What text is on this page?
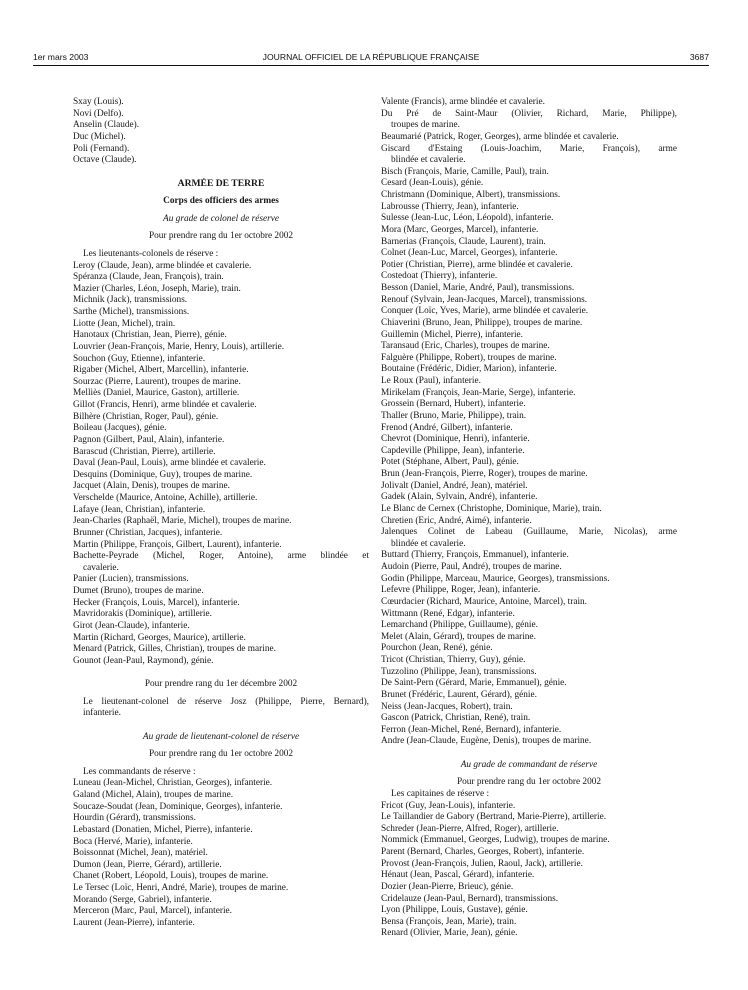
1er mars 2003	JOURNAL OFFICIEL DE LA RÉPUBLIQUE FRANÇAISE	3687
Sxay (Louis).
Novi (Delfo).
Anselin (Claude).
Duc (Michel).
Poli (Fernand).
Octave (Claude).
ARMÉE DE TERRE
Corps des officiers des armes
Au grade de colonel de réserve
Pour prendre rang du 1er octobre 2002
Les lieutenants-colonels de réserve :
Leroy (Claude, Jean), arme blindée et cavalerie.
Spéranza (Claude, Jean, François), train.
Mazier (Charles, Léon, Joseph, Marie), train.
Michnik (Jack), transmissions.
Sarthe (Michel), transmissions.
Liotte (Jean, Michel), train.
Hanotaux (Christian, Jean, Pierre), génie.
Louvrier (Jean-François, Marie, Henry, Louis), artillerie.
Souchon (Guy, Etienne), infanterie.
Rigaber (Michel, Albert, Marcellin), infanterie.
Sourzac (Pierre, Laurent), troupes de marine.
Melliès (Daniel, Maurice, Gaston), artillerie.
Gillot (Francis, Henri), arme blindée et cavalerie.
Bilhère (Christian, Roger, Paul), génie.
Boileau (Jacques), génie.
Pagnon (Gilbert, Paul, Alain), infanterie.
Barascud (Christian, Pierre), artillerie.
Daval (Jean-Paul, Louis), arme blindée et cavalerie.
Desquins (Dominique, Guy), troupes de marine.
Jacquet (Alain, Denis), troupes de marine.
Verschelde (Maurice, Antoine, Achille), artillerie.
Lafaye (Jean, Christian), infanterie.
Jean-Charles (Raphaël, Marie, Michel), troupes de marine.
Brunner (Christian, Jacques), infanterie.
Martin (Philippe, François, Gilbert, Laurent), infanterie.
Bachette-Peyrade (Michel, Roger, Antoine), arme blindée et
cavalerie.
Panier (Lucien), transmissions.
Dumet (Bruno), troupes de marine.
Hecker (François, Louis, Marcel), infanterie.
Mavridorakis (Dominique), artillerie.
Girot (Jean-Claude), infanterie.
Martin (Richard, Georges, Maurice), artillerie.
Menard (Patrick, Gilles, Christian), troupes de marine.
Gounot (Jean-Paul, Raymond), génie.
Pour prendre rang du 1er décembre 2002
Le lieutenant-colonel de réserve Josz (Philippe, Pierre, Bernard),
infanterie.
Au grade de lieutenant-colonel de réserve
Pour prendre rang du 1er octobre 2002
Les commandants de réserve :
Luneau (Jean-Michel, Christian, Georges), infanterie.
Galand (Michel, Alain), troupes de marine.
Soucaze-Soudat (Jean, Dominique, Georges), infanterie.
Hourdin (Gérard), transmissions.
Lebastard (Donatien, Michel, Pierre), infanterie.
Boca (Hervé, Marie), infanterie.
Boissonnat (Michel, Jean), matériel.
Dumon (Jean, Pierre, Gérard), artillerie.
Chanet (Robert, Léopold, Louis), troupes de marine.
Le Tersec (Loïc, Henri, André, Marie), troupes de marine.
Morando (Serge, Gabriel), infanterie.
Merceron (Marc, Paul, Marcel), infanterie.
Laurent (Jean-Pierre), infanterie.
Valente (Francis), arme blindée et cavalerie.
Du Pré de Saint-Maur (Olivier, Richard, Marie, Philippe),
troupes de marine.
Beaumarié (Patrick, Roger, Georges), arme blindée et cavalerie.
Giscard d'Estaing (Louis-Joachim, Marie, François), arme
blindée et cavalerie.
Bisch (François, Marie, Camille, Paul), train.
Cesard (Jean-Louis), génie.
Christmann (Dominique, Albert), transmissions.
Labrousse (Thierry, Jean), infanterie.
Sulesse (Jean-Luc, Léon, Léopold), infanterie.
Mora (Marc, Georges, Marcel), infanterie.
Barnerias (François, Claude, Laurent), train.
Colnet (Jean-Luc, Marcel, Georges), infanterie.
Potier (Christian, Pierre), arme blindée et cavalerie.
Costedoat (Thierry), infanterie.
Besson (Daniel, Marie, André, Paul), transmissions.
Renouf (Sylvain, Jean-Jacques, Marcel), transmissions.
Conquer (Loïc, Yves, Marie), arme blindée et cavalerie.
Chiaverini (Bruno, Jean, Philippe), troupes de marine.
Guillemin (Michel, Pierre), infanterie.
Taransaud (Eric, Charles), troupes de marine.
Falguère (Philippe, Robert), troupes de marine.
Boutaine (Frédéric, Didier, Marion), infanterie.
Le Roux (Paul), infanterie.
Mirikelam (François, Jean-Marie, Serge), infanterie.
Grossein (Bernard, Hubert), infanterie.
Thaller (Bruno, Marie, Philippe), train.
Frenod (André, Gilbert), infanterie.
Chevrot (Dominique, Henri), infanterie.
Capdeville (Philippe, Jean), infanterie.
Potet (Stéphane, Albert, Paul), génie.
Brun (Jean-François, Pierre, Roger), troupes de marine.
Jolivalt (Daniel, André, Jean), matériel.
Gadek (Alain, Sylvain, André), infanterie.
Le Blanc de Cernex (Christophe, Dominique, Marie), train.
Chretien (Eric, André, Aimé), infanterie.
Jalenques Colinet de Labeau (Guillaume, Marie, Nicolas), arme
blindée et cavalerie.
Buttard (Thierry, François, Emmanuel), infanterie.
Audoin (Pierre, Paul, André), troupes de marine.
Godin (Philippe, Marceau, Maurice, Georges), transmissions.
Lefevre (Philippe, Roger, Jean), infanterie.
Cœurdacier (Richard, Maurice, Antoine, Marcel), train.
Wittmann (René, Edgar), infanterie.
Lemarchand (Philippe, Guillaume), génie.
Melet (Alain, Gérard), troupes de marine.
Pourchon (Jean, René), génie.
Tricot (Christian, Thierry, Guy), génie.
Tuzzolino (Philippe, Jean), transmissions.
De Saint-Pern (Gérard, Marie, Emmanuel), génie.
Brunet (Frédéric, Laurent, Gérard), génie.
Neiss (Jean-Jacques, Robert), train.
Gascon (Patrick, Christian, René), train.
Ferron (Jean-Michel, René, Bernard), infanterie.
Andre (Jean-Claude, Eugène, Denis), troupes de marine.
Au grade de commandant de réserve
Pour prendre rang du 1er octobre 2002
Les capitaines de réserve :
Fricot (Guy, Jean-Louis), infanterie.
Le Taillandier de Gabory (Bertrand, Marie-Pierre), artillerie.
Schreder (Jean-Pierre, Alfred, Roger), artillerie.
Nommick (Emmanuel, Georges, Ludwig), troupes de marine.
Parent (Bernard, Charles, Georges, Robert), infanterie.
Provost (Jean-François, Julien, Raoul, Jack), artillerie.
Hénaut (Jean, Pascal, Gérard), infanterie.
Dozier (Jean-Pierre, Brieuc), génie.
Cridelauze (Jean-Paul, Bernard), transmissions.
Lyon (Philippe, Louis, Gustave), génie.
Bensa (François, Jean, Marie), train.
Renard (Olivier, Marie, Jean), génie.
